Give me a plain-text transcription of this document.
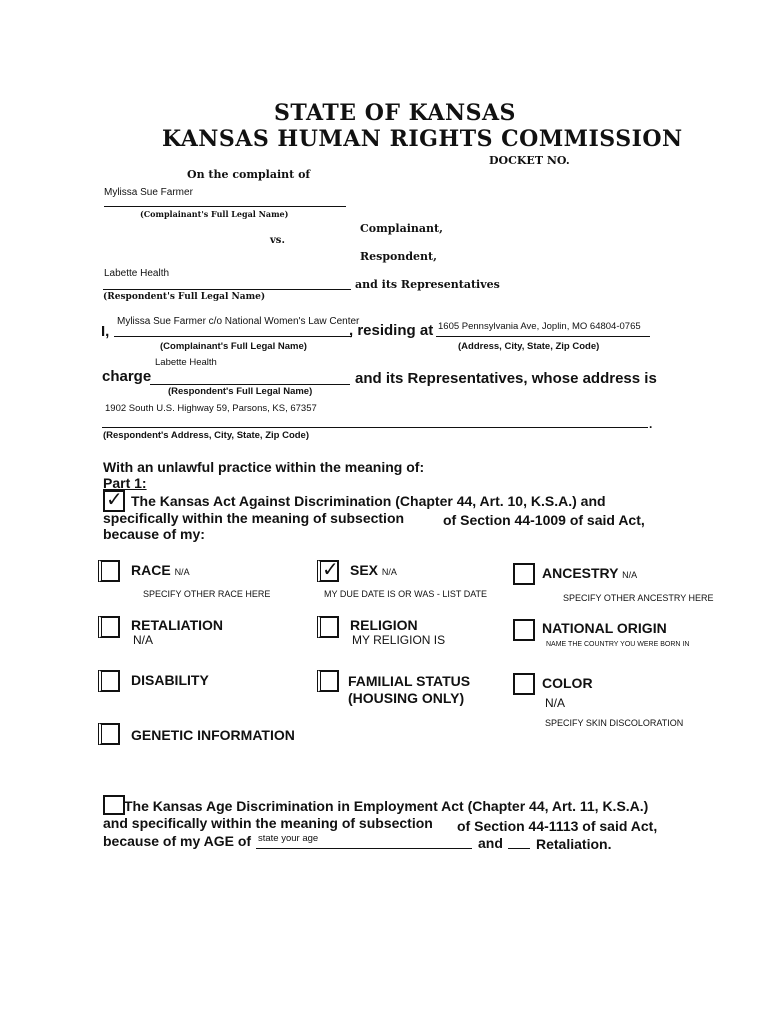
STATE OF KANSAS
KANSAS HUMAN RIGHTS COMMISSION
DOCKET NO.
On the complaint of
Mylissa Sue Farmer
(Complainant's Full Legal Name)
Complainant,
vs.
Respondent,
Labette Health
and its Representatives
(Respondent's Full Legal Name)
I,
Mylissa Sue Farmer c/o National Women's Law Center
, residing at 1605 Pennsylvania Ave, Joplin, MO 64804-0765
(Complainant's Full Legal Name)	(Address, City, State, Zip Code)
Labette Health
charge	and its Representatives, whose address is
(Respondent's Full Legal Name)
1902 South U.S. Highway 59, Parsons, KS, 67357
.
(Respondent's Address, City, State, Zip Code)
With an unlawful practice within the meaning of:
Part 1:
✓ The Kansas Act Against Discrimination (Chapter 44, Art. 10, K.S.A.) and
specifically within the meaning of subsection	of Section 44-1009 of said Act,
because of my:
RACE N/A
SPECIFY OTHER RACE HERE
✓ SEX N/A
MY DUE DATE IS OR WAS - LIST DATE
ANCESTRY N/A
SPECIFY OTHER ANCESTRY HERE
RETALIATION
N/A
RELIGION
MY RELIGION IS
NATIONAL ORIGIN
NAME THE COUNTRY YOU WERE BORN IN
DISABILITY	FAMILIAL STATUS
(HOUSING ONLY)
COLOR
N/A
SPECIFY SKIN DISCOLORATION
GENETIC INFORMATION
The Kansas Age Discrimination in Employment Act (Chapter 44, Art. 11, K.S.A.)
and specifically within the meaning of subsection of Section 44-1113 of said Act,
because of my AGE of state your age	and Retaliation.
